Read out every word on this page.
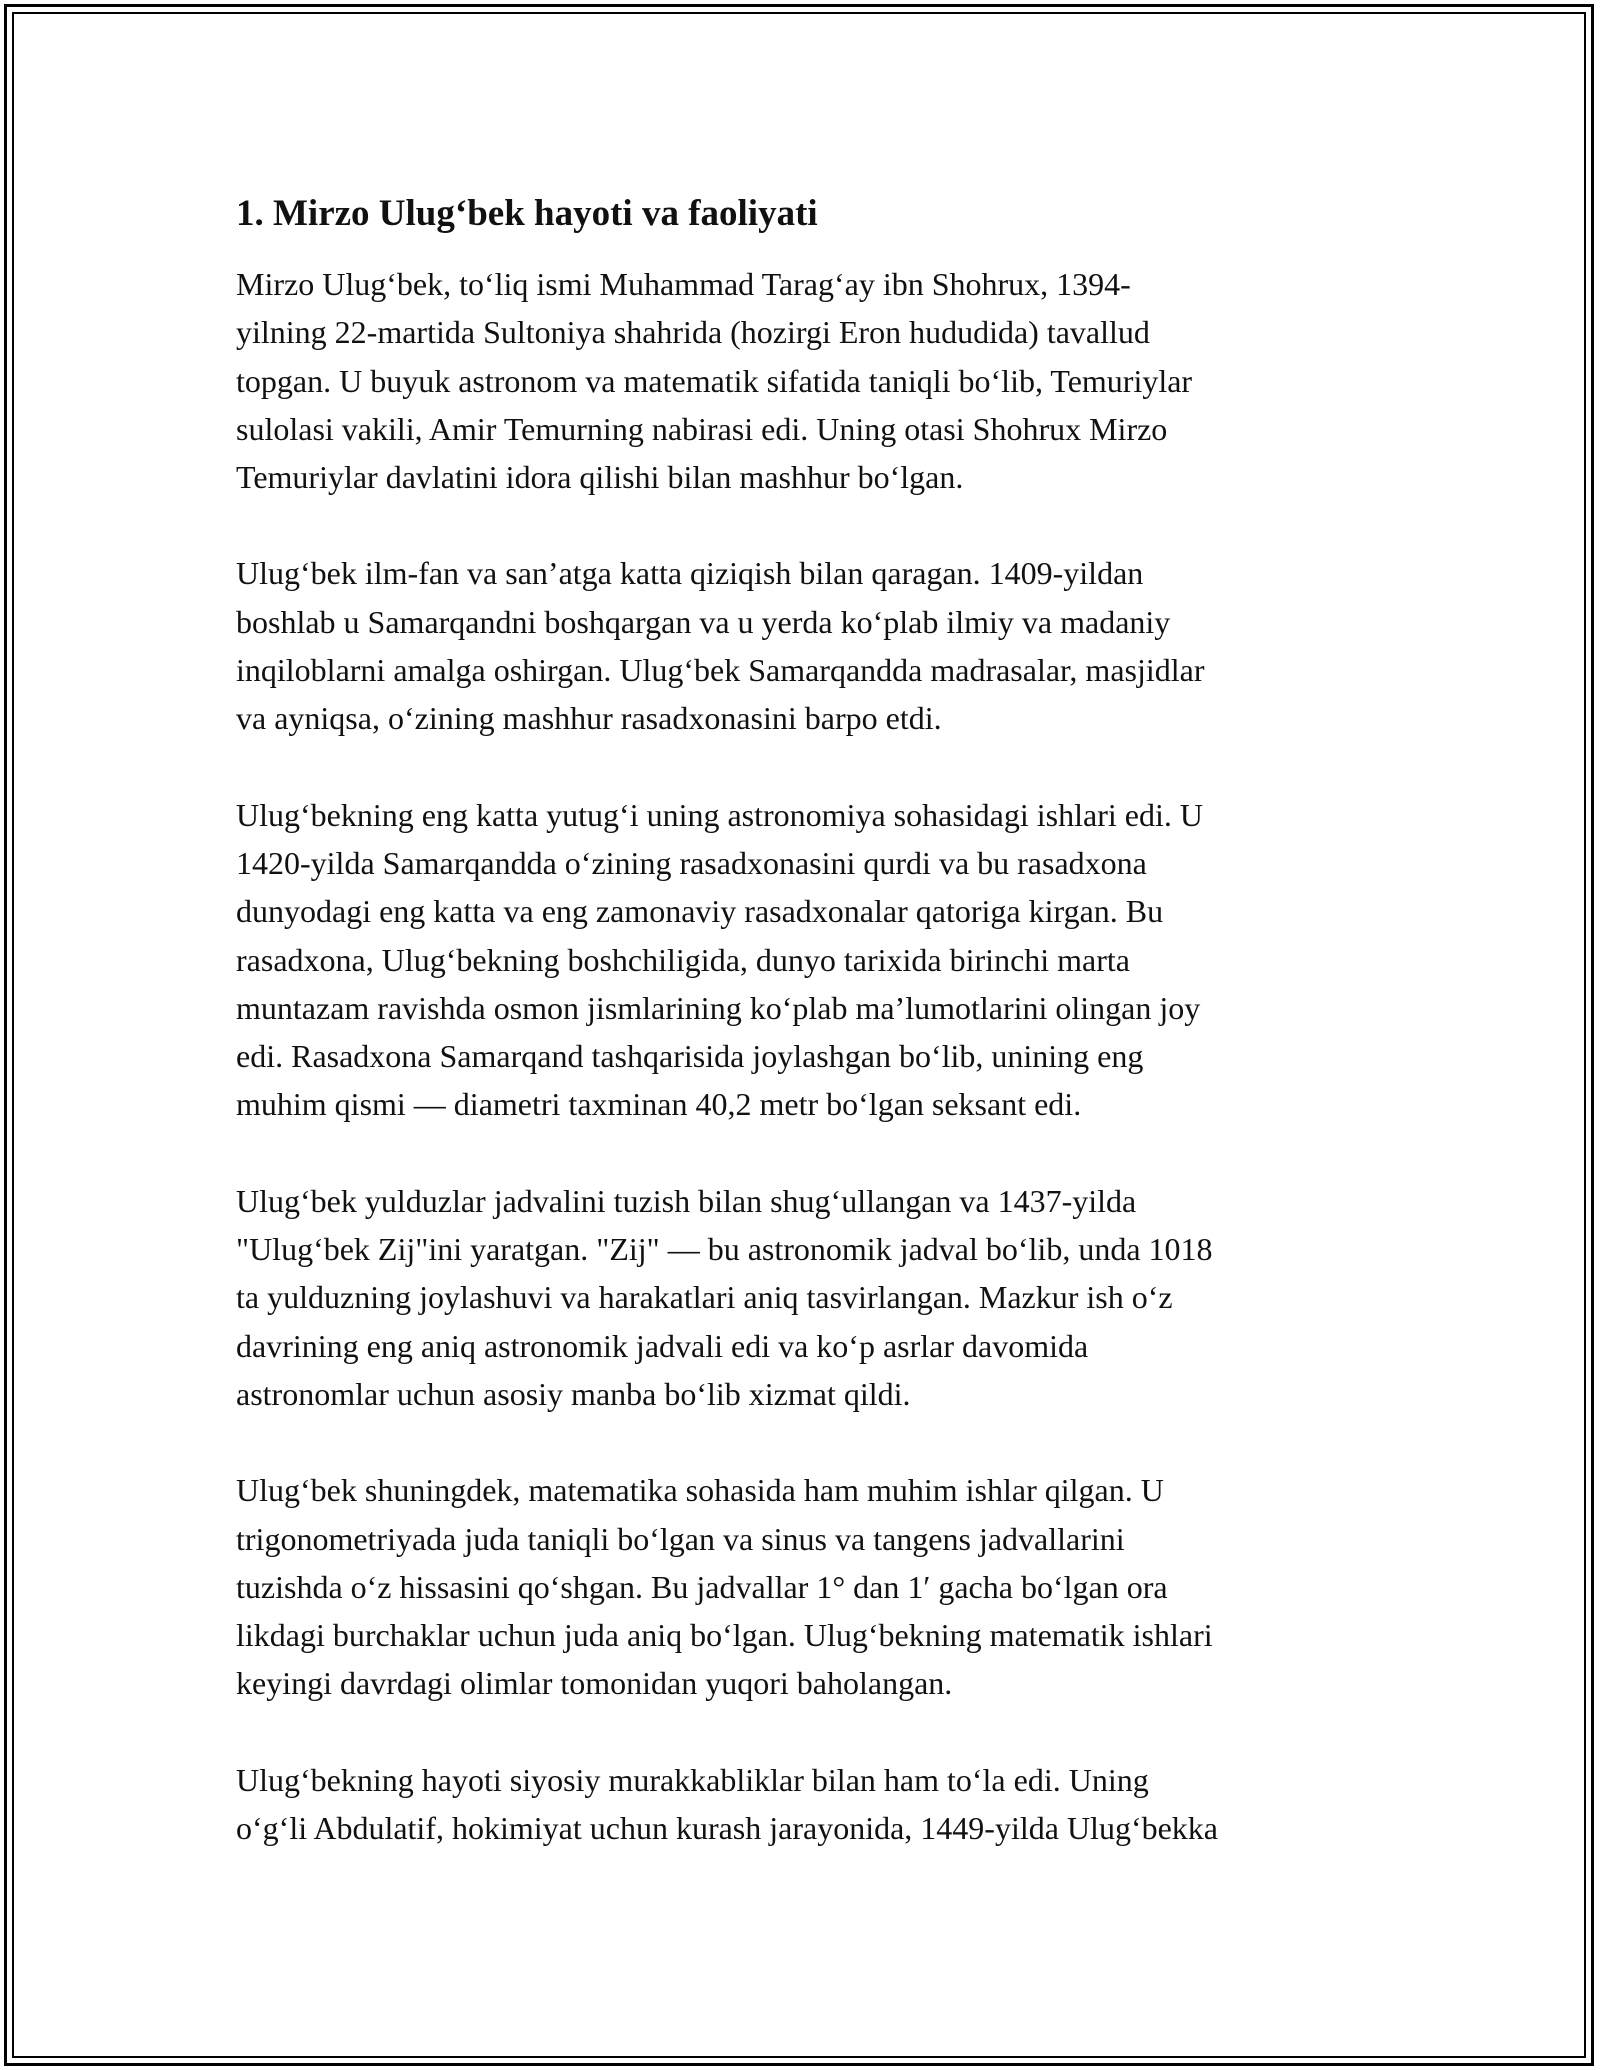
1. Mirzo Ulug‘bek hayoti va faoliyati
Mirzo Ulug‘bek, to‘liq ismi Muhammad Tarag‘ay ibn Shohrux, 1394-
yilning 22-martida Sultoniya shahrida (hozirgi Eron hududida) tavallud
topgan. U buyuk astronom va matematik sifatida taniqli bo‘lib, Temuriylar
sulolasi vakili, Amir Temurning nabirasi edi. Uning otasi Shohrux Mirzo
Temuriylar davlatini idora qilishi bilan mashhur bo‘lgan.
Ulug‘bek ilm-fan va san’atga katta qiziqish bilan qaragan. 1409-yildan
boshlab u Samarqandni boshqargan va u yerda ko‘plab ilmiy va madaniy
inqiloblarni amalga oshirgan. Ulug‘bek Samarqandda madrasalar, masjidlar
va ayniqsa, o‘zining mashhur rasadxonasini barpo etdi.
Ulug‘bekning eng katta yutug‘i uning astronomiya sohasidagi ishlari edi. U
1420-yilda Samarqandda o‘zining rasadxonasini qurdi va bu rasadxona
dunyodagi eng katta va eng zamonaviy rasadxonalar qatoriga kirgan. Bu
rasadxona, Ulug‘bekning boshchiligida, dunyo tarixida birinchi marta
muntazam ravishda osmon jismlarining ko‘plab ma’lumotlarini olingan joy
edi. Rasadxona Samarqand tashqarisida joylashgan bo‘lib, unining eng
muhim qismi — diametri taxminan 40,2 metr bo‘lgan seksant edi.
Ulug‘bek yulduzlar jadvalini tuzish bilan shug‘ullangan va 1437-yilda
"Ulug‘bek Zij"ini yaratgan. "Zij" — bu astronomik jadval bo‘lib, unda 1018
ta yulduzning joylashuvi va harakatlari aniq tasvirlangan. Mazkur ish o‘z
davrining eng aniq astronomik jadvali edi va ko‘p asrlar davomida
astronomlar uchun asosiy manba bo‘lib xizmat qildi.
Ulug‘bek shuningdek, matematika sohasida ham muhim ishlar qilgan. U
trigonometriyada juda taniqli bo‘lgan va sinus va tangens jadvallarini
tuzishda o‘z hissasini qo‘shgan. Bu jadvallar 1° dan 1′ gacha bo‘lgan ora
likdagi burchaklar uchun juda aniq bo‘lgan. Ulug‘bekning matematik ishlari
keyingi davrdagi olimlar tomonidan yuqori baholangan.
Ulug‘bekning hayoti siyosiy murakkabliklar bilan ham to‘la edi. Uning
o‘g‘li Abdulatif, hokimiyat uchun kurash jarayonida, 1449-yilda Ulug‘bekka
